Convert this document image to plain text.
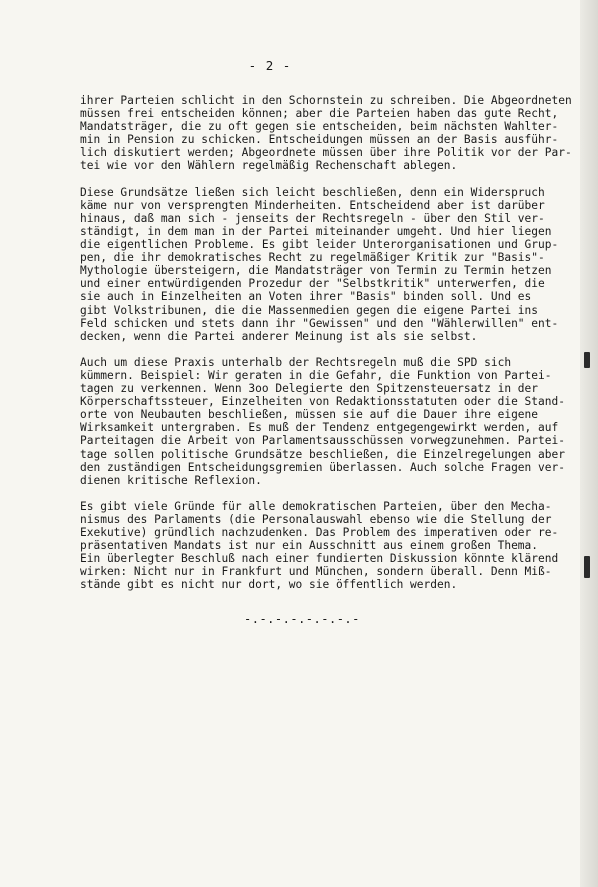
- 2 -
ihrer Parteien schlicht in den Schornstein zu schreiben. Die Abgeordneten
müssen frei entscheiden können; aber die Parteien haben das gute Recht,
Mandatsträger, die zu oft gegen sie entscheiden, beim nächsten Wahlter-
min in Pension zu schicken. Entscheidungen müssen an der Basis ausführ-
lich diskutiert werden; Abgeordnete müssen über ihre Politik vor der Par-
tei wie vor den Wählern regelmäßig Rechenschaft ablegen.
Diese Grundsätze ließen sich leicht beschließen, denn ein Widerspruch
käme nur von versprengten Minderheiten. Entscheidend aber ist darüber
hinaus, daß man sich - jenseits der Rechtsregeln - über den Stil ver-
ständigt, in dem man in der Partei miteinander umgeht. Und hier liegen
die eigentlichen Probleme. Es gibt leider Unterorganisationen und Grup-
pen, die ihr demokratisches Recht zu regelmäßiger Kritik zur "Basis"-
Mythologie übersteigern, die Mandatsträger von Termin zu Termin hetzen
und einer entwürdigenden Prozedur der "Selbstkritik" unterwerfen, die
sie auch in Einzelheiten an Voten ihrer "Basis" binden soll. Und es
gibt Volkstribunen, die die Massenmedien gegen die eigene Partei ins
Feld schicken und stets dann ihr "Gewissen" und den "Wählerwillen" ent-
decken, wenn die Partei anderer Meinung ist als sie selbst.
Auch um diese Praxis unterhalb der Rechtsregeln muß die SPD sich
kümmern. Beispiel: Wir geraten in die Gefahr, die Funktion von Partei-
tagen zu verkennen. Wenn 3oo Delegierte den Spitzensteuersatz in der
Körperschaftssteuer, Einzelheiten von Redaktionsstatuten oder die Stand-
orte von Neubauten beschließen, müssen sie auf die Dauer ihre eigene
Wirksamkeit untergraben. Es muß der Tendenz entgegengewirkt werden, auf
Parteitagen die Arbeit von Parlamentsausschüssen vorwegzunehmen. Partei-
tage sollen politische Grundsätze beschließen, die Einzelregelungen aber
den zuständigen Entscheidungsgremien überlassen. Auch solche Fragen ver-
dienen kritische Reflexion.
Es gibt viele Gründe für alle demokratischen Parteien, über den Mecha-
nismus des Parlaments (die Personalauswahl ebenso wie die Stellung der
Exekutive) gründlich nachzudenken. Das Problem des imperativen oder re-
präsentativen Mandats ist nur ein Ausschnitt aus einem großen Thema.
Ein überlegter Beschluß nach einer fundierten Diskussion könnte klärend
wirken: Nicht nur in Frankfurt und München, sondern überall. Denn Miß-
stände gibt es nicht nur dort, wo sie öffentlich werden.
-.-.-.-.-.-.-.-
